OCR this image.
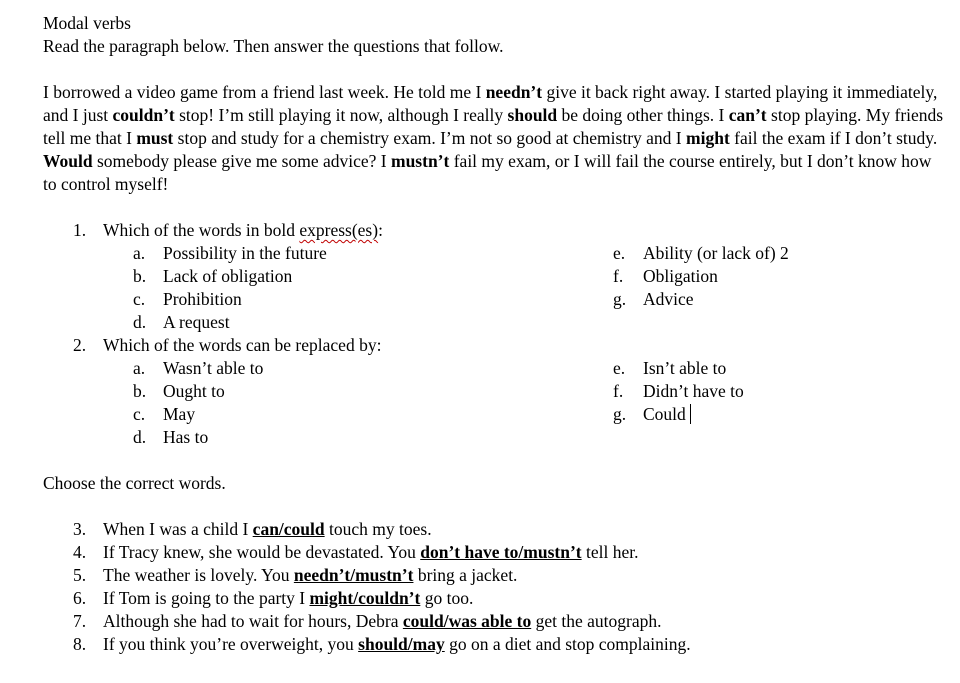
Modal verbs
Read the paragraph below. Then answer the questions that follow.
I borrowed a video game from a friend last week. He told me I needn’t give it back right away. I started playing it immediately, and I just couldn’t stop! I’m still playing it now, although I really should be doing other things. I can’t stop playing. My friends tell me that I must stop and study for a chemistry exam. I’m not so good at chemistry and I might fail the exam if I don’t study. Would somebody please give me some advice? I mustn’t fail my exam, or I will fail the course entirely, but I don’t know how to control myself!
1. Which of the words in bold express(es):
a. Possibility in the future
b. Lack of obligation
c. Prohibition
d. A request
e. Ability (or lack of) 2
f. Obligation
g. Advice
2. Which of the words can be replaced by:
a. Wasn’t able to
b. Ought to
c. May
d. Has to
e. Isn’t able to
f. Didn’t have to
g. Could
Choose the correct words.
3. When I was a child I can/could touch my toes.
4. If Tracy knew, she would be devastated. You don’t have to/mustn’t tell her.
5. The weather is lovely. You needn’t/mustn’t bring a jacket.
6. If Tom is going to the party I might/couldn’t go too.
7. Although she had to wait for hours, Debra could/was able to get the autograph.
8. If you think you’re overweight, you should/may go on a diet and stop complaining.
